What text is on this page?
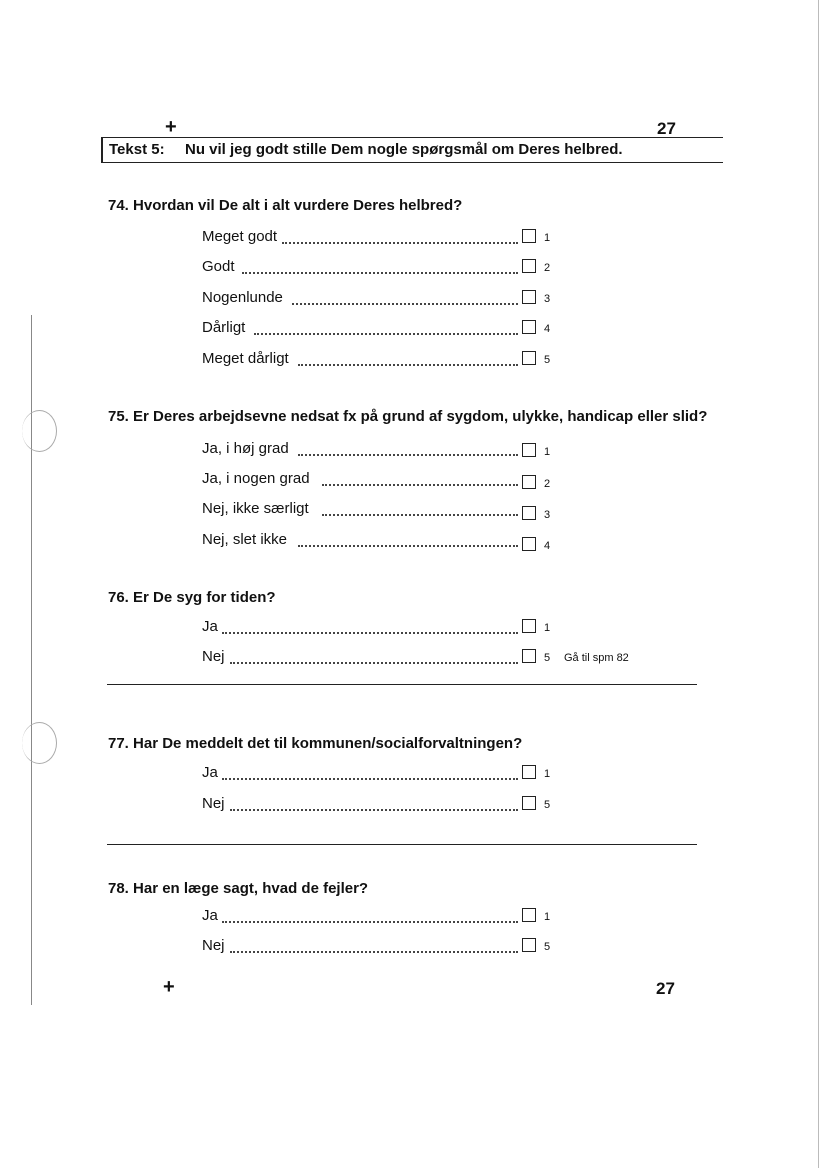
+	27
Tekst 5: Nu vil jeg godt stille Dem nogle spørgsmål om Deres helbred.
74. Hvordan vil De alt i alt vurdere Deres helbred?
Meget godt	1
Godt	2
Nogenlunde	3
Dårligt	4
Meget dårligt	5
75. Er Deres arbejdsevne nedsat fx på grund af sygdom, ulykke, handicap eller slid?
Ja, i høj grad	1
Ja, i nogen grad	2
Nej, ikke særligt	3
Nej, slet ikke	4
76. Er De syg for tiden?
Ja	1
Nej	5 Gå til spm 82
77. Har De meddelt det til kommunen/socialforvaltningen?
Ja	1
Nej	5
78. Har en læge sagt, hvad de fejler?
Ja	1
Nej	5
+	27
